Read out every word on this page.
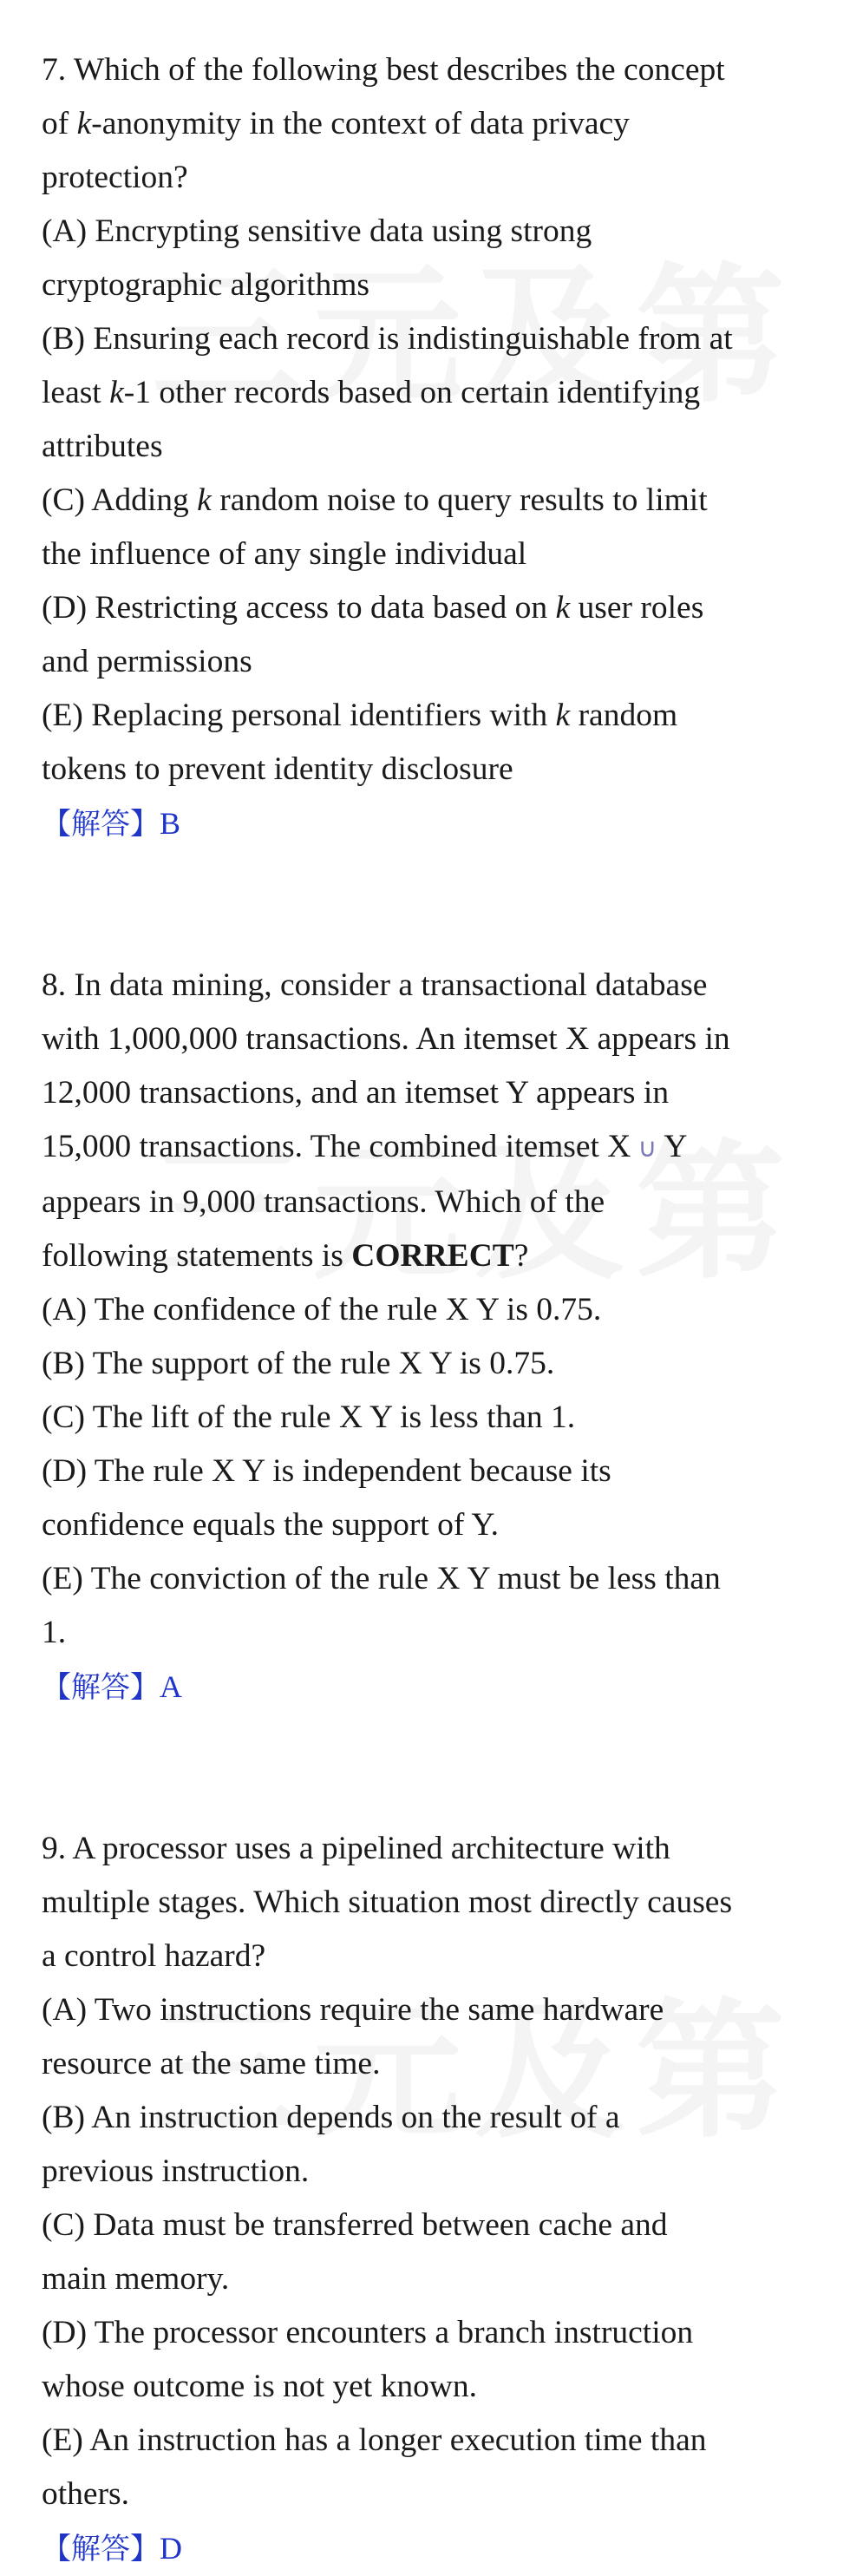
7. Which of the following best describes the concept
of k-anonymity in the context of data privacy
protection?
(A) Encrypting sensitive data using strong
cryptographic algorithms
(B) Ensuring each record is indistinguishable from at
least k-1 other records based on certain identifying
attributes
(C) Adding k random noise to query results to limit
the influence of any single individual
(D) Restricting access to data based on k user roles
and permissions
(E) Replacing personal identifiers with k random
tokens to prevent identity disclosure
【解答】B
8. In data mining, consider a transactional database
with 1,000,000 transactions. An itemset X appears in
12,000 transactions, and an itemset Y appears in
15,000 transactions. The combined itemset X ∪ Y
appears in 9,000 transactions. Which of the
following statements is CORRECT?
(A) The confidence of the rule X Y is 0.75.
(B) The support of the rule X Y is 0.75.
(C) The lift of the rule X Y is less than 1.
(D) The rule X Y is independent because its
confidence equals the support of Y.
(E) The conviction of the rule X Y must be less than
1.
【解答】A
9. A processor uses a pipelined architecture with
multiple stages. Which situation most directly causes
a control hazard?
(A) Two instructions require the same hardware
resource at the same time.
(B) An instruction depends on the result of a
previous instruction.
(C) Data must be transferred between cache and
main memory.
(D) The processor encounters a branch instruction
whose outcome is not yet known.
(E) An instruction has a longer execution time than
others.
【解答】D
